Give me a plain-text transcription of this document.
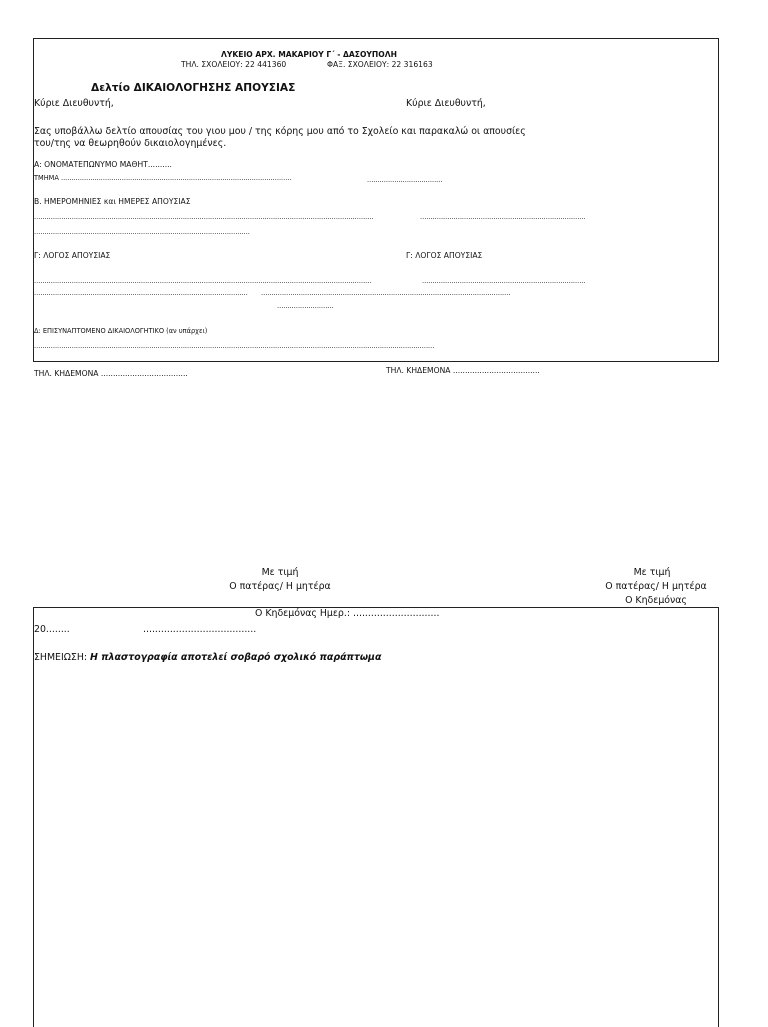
ΛΥΚΕΙΟ ΑΡΧ. ΜΑΚΑΡΙΟΥ Γ΄ - ΔΑΣΟΥΠΟΛΗ
ΤΗΛ. ΣΧΟΛΕΙΟΥ: 22 441360	ΦΑΞ. ΣΧΟΛΕΙΟΥ: 22 316163
Δελτίο ΔΙΚΑΙΟΛΟΓΗΣΗΣ ΑΠΟΥΣΙΑΣ
Κύριε Διευθυντή,	Κύριε Διευθυντή,
Σας υποβάλλω δελτίο απουσίας του γιου μου / της κόρης μου από το Σχολείο και παρακαλώ οι απουσίες
του/της να θεωρηθούν δικαιολογημένες.
Α: ΟΝΟΜΑΤΕΠΩΝΥΜΟ ΜΑΘΗΤ..........
ΤΜΗΜΑ ..............................................................................................................	....................................
Β. ΗΜΕΡΟΜΗΝΙΕΣ και ΗΜΕΡΕΣ ΑΠΟΥΣΙΑΣ
..................................................................................................................................................................	...............................................................................
.......................................................................................................
Γ: ΛΟΓΟΣ ΑΠΟΥΣΙΑΣ	Γ: ΛΟΓΟΣ ΑΠΟΥΣΙΑΣ
.................................................................................................................................................................	..............................................................................
...................................................................................................... .......................................................................................................................
...........................
Δ: ΕΠΙΣΥΝΑΠΤΟΜΕΝΟ ΔΙΚΑΙΟΛΟΓΗΤΙΚΟ (αν υπάρχει)
...............................................................................................................................................................................................
ΤΗΛ. ΚΗΔΕΜΟΝΑ ....................................	ΤΗΛ. ΚΗΔΕΜΟΝΑ ....................................
Με τιμή
Ο πατέρας/ Η μητέρα
Με τιμή
Ο πατέρας/ Η μητέρα
Ο Κηδεμόνας
Ο Κηδεμόνας Ημερ.: .............................
20........	......................................
ΣΗΜΕΙΩΣΗ: Η πλαστογραφία αποτελεί σοβαρό σχολικό παράπτωμα
